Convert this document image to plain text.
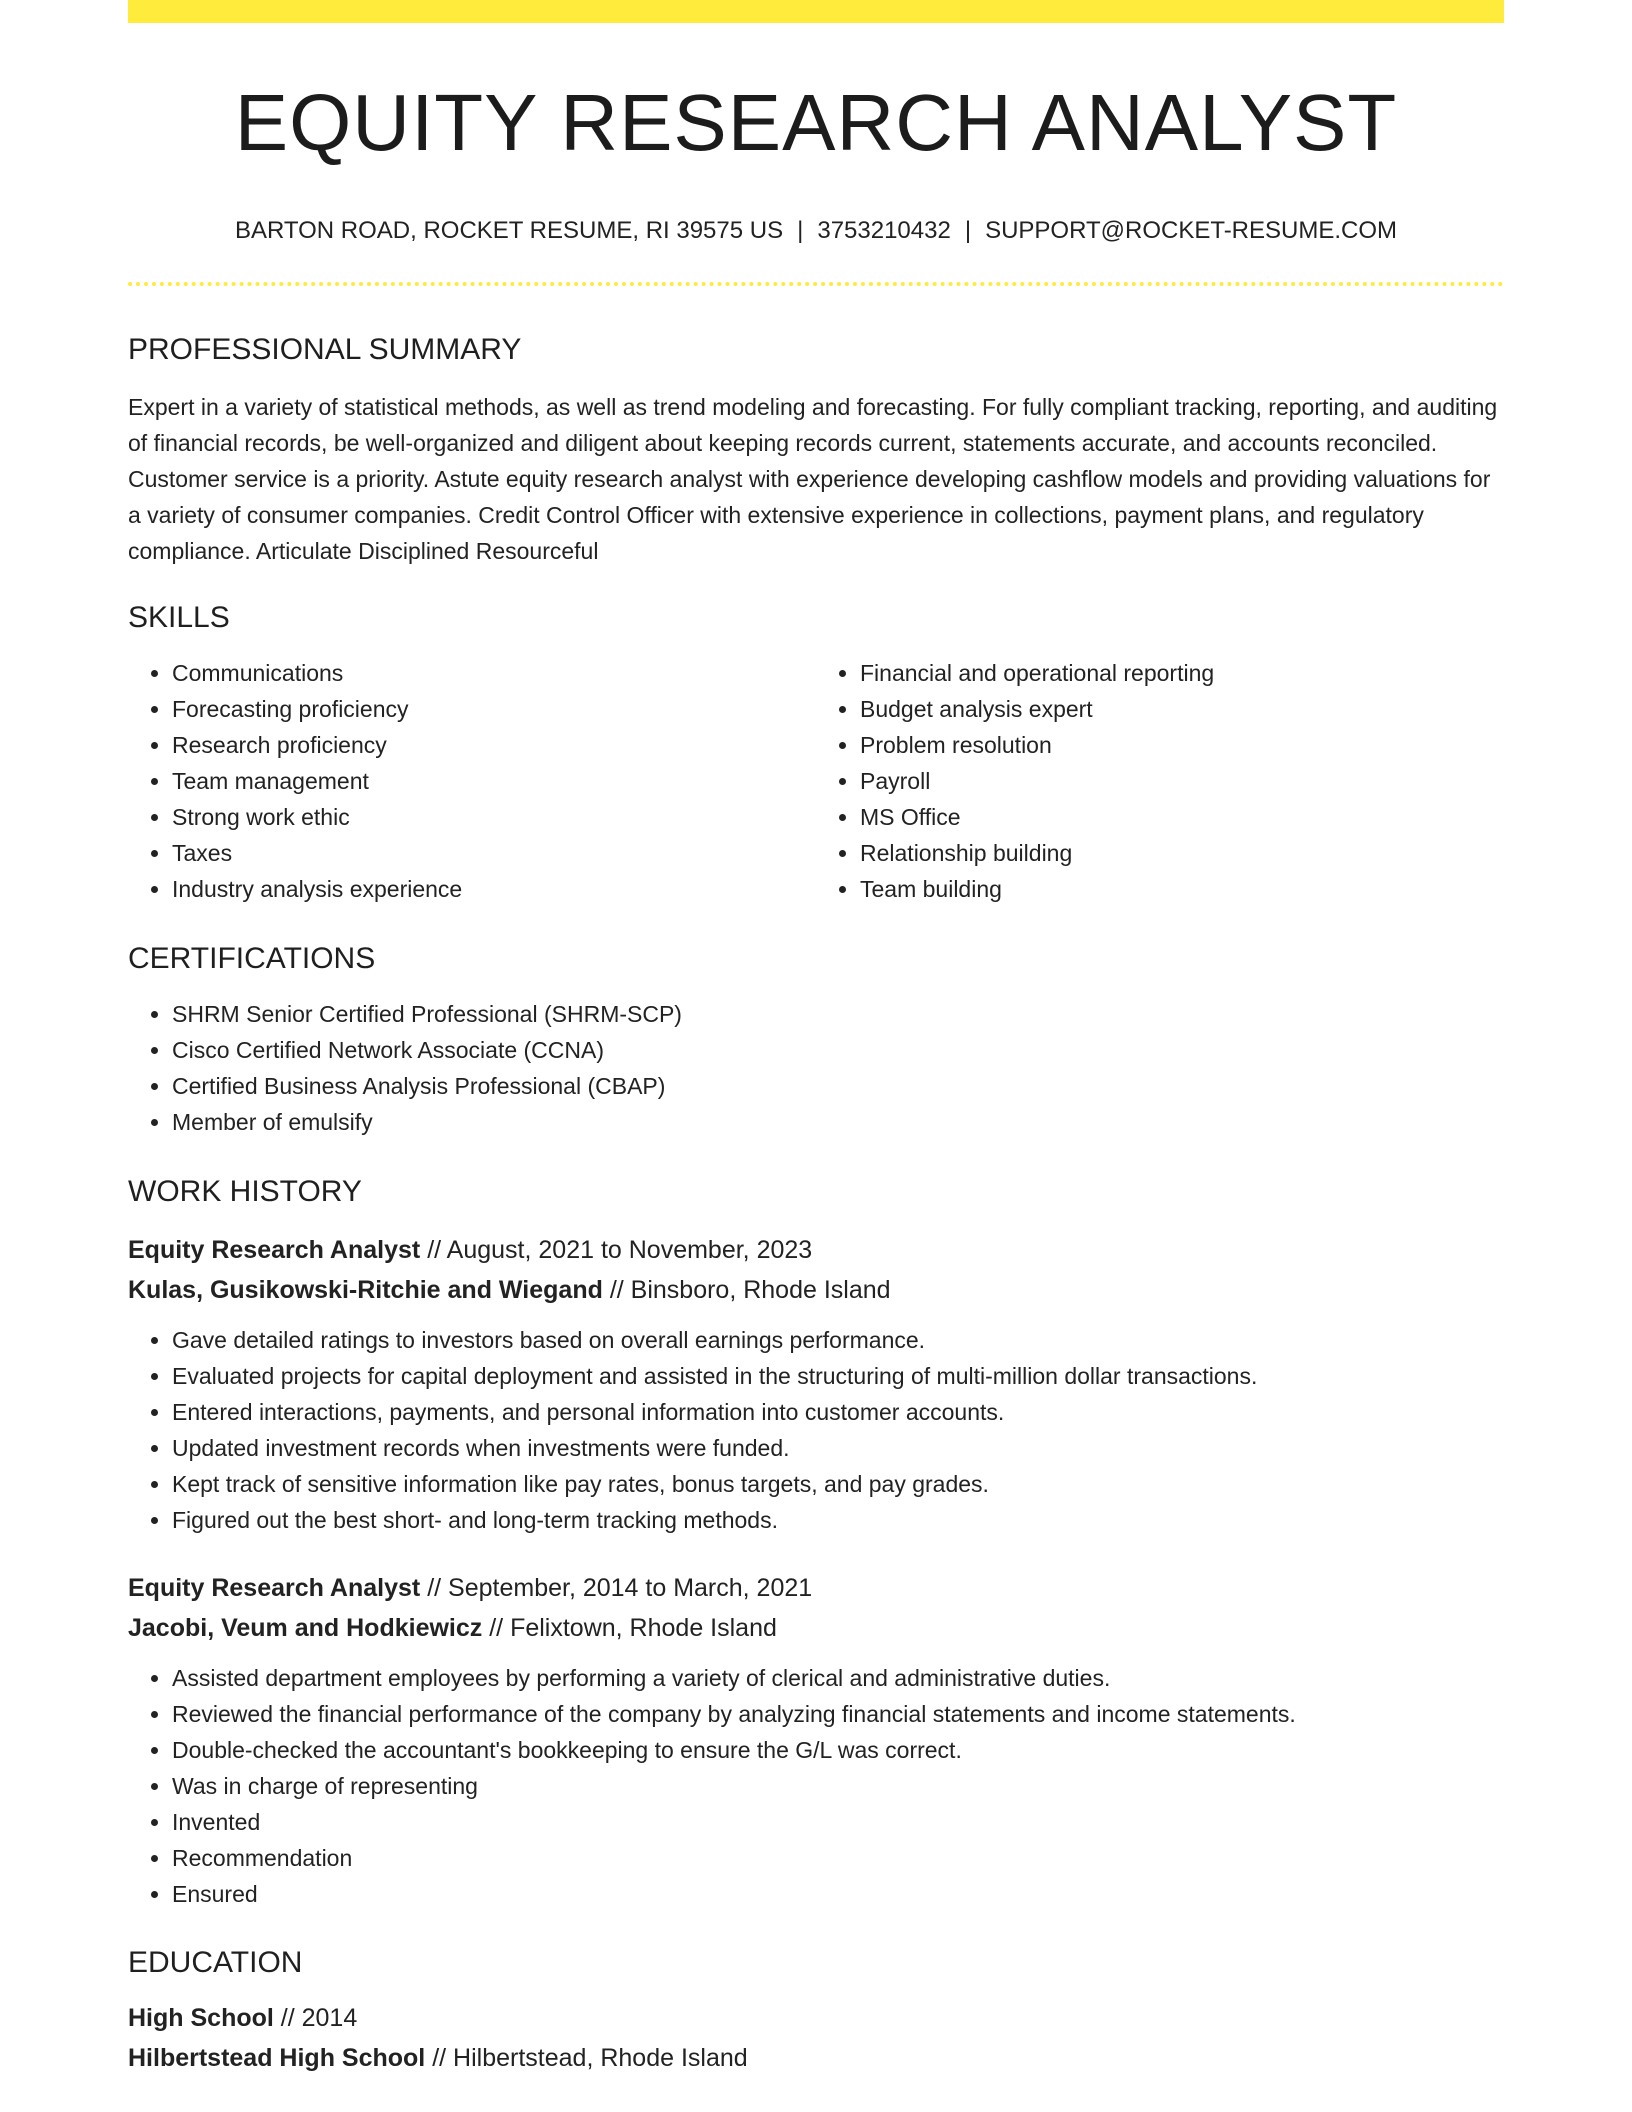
EQUITY RESEARCH ANALYST
BARTON ROAD, ROCKET RESUME, RI 39575 US | 3753210432 | SUPPORT@ROCKET-RESUME.COM
PROFESSIONAL SUMMARY
Expert in a variety of statistical methods, as well as trend modeling and forecasting. For fully compliant tracking, reporting, and auditing of financial records, be well-organized and diligent about keeping records current, statements accurate, and accounts reconciled. Customer service is a priority. Astute equity research analyst with experience developing cashflow models and providing valuations for a variety of consumer companies. Credit Control Officer with extensive experience in collections, payment plans, and regulatory compliance. Articulate Disciplined Resourceful
SKILLS
• Communications
• Forecasting proficiency
• Research proficiency
• Team management
• Strong work ethic
• Taxes
• Industry analysis experience
• Financial and operational reporting
• Budget analysis expert
• Problem resolution
• Payroll
• MS Office
• Relationship building
• Team building
CERTIFICATIONS
• SHRM Senior Certified Professional (SHRM-SCP)
• Cisco Certified Network Associate (CCNA)
• Certified Business Analysis Professional (CBAP)
• Member of emulsify
WORK HISTORY
Equity Research Analyst // August, 2021 to November, 2023
Kulas, Gusikowski-Ritchie and Wiegand // Binsboro, Rhode Island
• Gave detailed ratings to investors based on overall earnings performance.
• Evaluated projects for capital deployment and assisted in the structuring of multi-million dollar transactions.
• Entered interactions, payments, and personal information into customer accounts.
• Updated investment records when investments were funded.
• Kept track of sensitive information like pay rates, bonus targets, and pay grades.
• Figured out the best short- and long-term tracking methods.
Equity Research Analyst // September, 2014 to March, 2021
Jacobi, Veum and Hodkiewicz // Felixtown, Rhode Island
• Assisted department employees by performing a variety of clerical and administrative duties.
• Reviewed the financial performance of the company by analyzing financial statements and income statements.
• Double-checked the accountant's bookkeeping to ensure the G/L was correct.
• Was in charge of representing
• Invented
• Recommendation
• Ensured
EDUCATION
High School // 2014
Hilbertstead High School // Hilbertstead, Rhode Island
